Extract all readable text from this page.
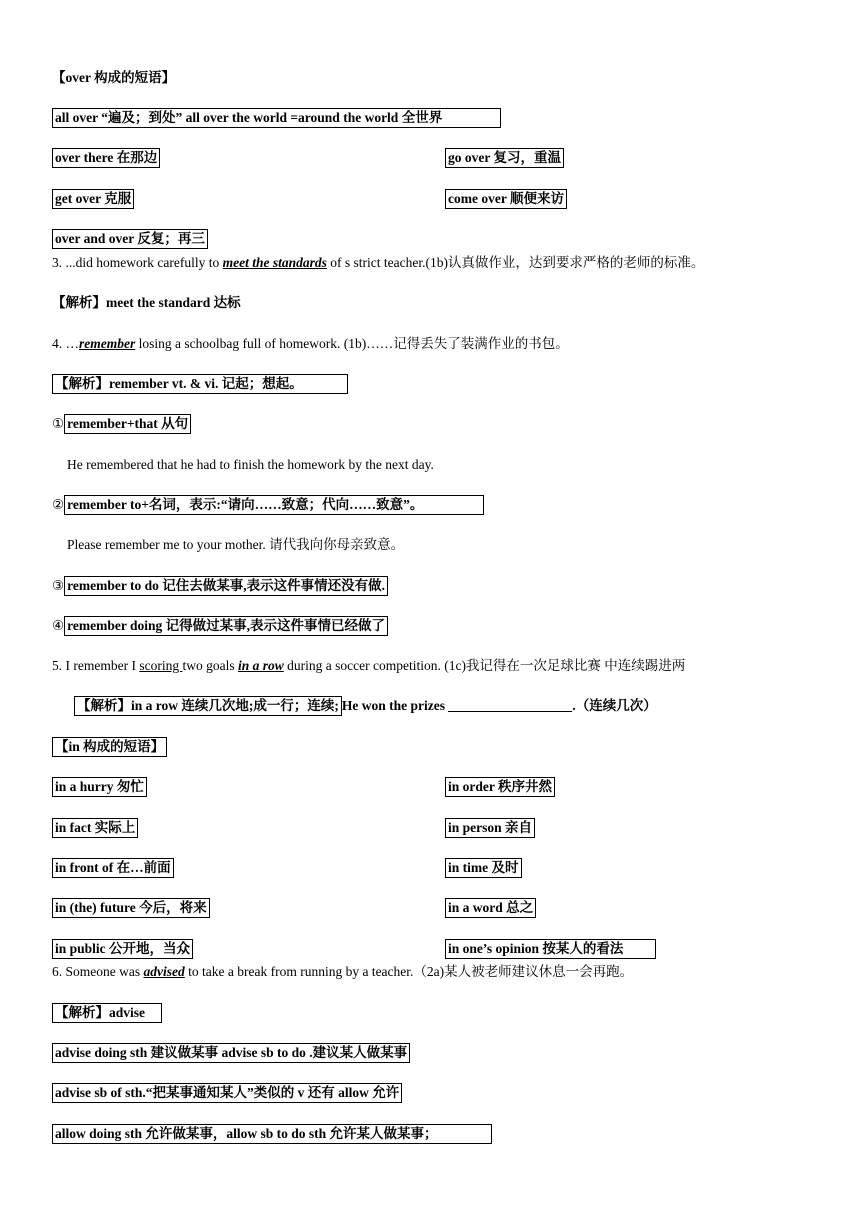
【over 构成的短语】
all over “遍及；到处” all over the world =around the world 全世界
over there 在那边	go over 复习，重温
get over 克服	come over 顺便来访
over and over 反复；再三
3. ...did homework carefully to meet the standards of s strict teacher.(1b)认真做作业，达到要求严格的老师的标准。
【解析】meet the standard 达标
4. …remember losing a schoolbag full of homework. (1b)……记得丢失了装满作业的书包。
【解析】remember vt. & vi. 记起；想起。
① remember+that 从句
He remembered that he had to finish the homework by the next day.
② remember to+名词，表示:“请向……致意；代向……致意”。
Please remember me to your mother. 请代我向你母亲致意。
③remember to do 记住去做某事,表示这件事情还没有做.
④remember doing 记得做过某事,表示这件事情已经做了
5. I remember I scoring two goals in a row during a soccer competition. (1c)我记得在一次足球比赛 中连续踢进两
【解析】in a row 连续几次地;成一行；连续; He won the prizes	.（连续几次）
【in 构成的短语】
in a hurry 匆忙	in order 秩序井然
in fact 实际上	in person 亲自
in front of 在…前面	in time 及时
in (the) future 今后，将来	in a word 总之
in public 公开地，当众	in one’s opinion 按某人的看法
6. Someone was advised to take a break from running by a teacher.（2a)某人被老师建议休息一会再跑。
【解析】advise
advise doing sth 建议做某事 advise sb to do .建议某人做某事
advise sb of sth.“把某事通知某人”类似的 v 还有 allow 允许
allow doing sth 允许做某事，allow sb to do sth 允许某人做某事；
